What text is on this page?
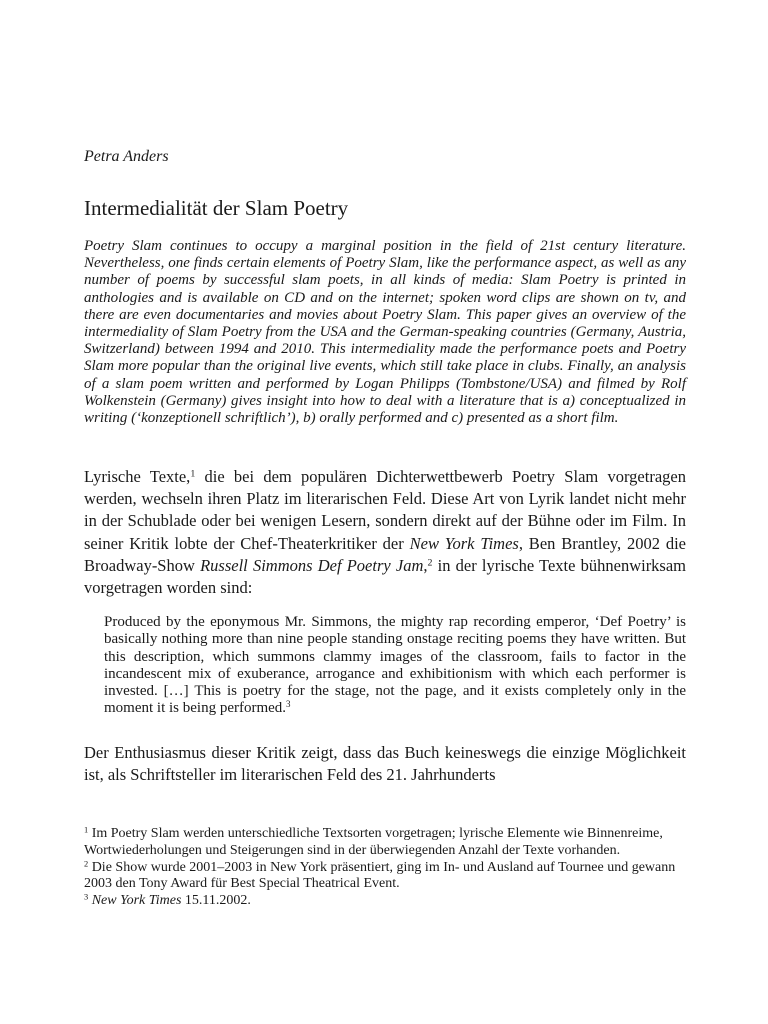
Petra Anders

Intermedialität der Slam Poetry

Poetry Slam continues to occupy a marginal position in the field of 21st century literature. Nevertheless, one finds certain elements of Poetry Slam, like the performance aspect, as well as any number of poems by successful slam poets, in all kinds of media: Slam Poetry is printed in anthologies and is available on CD and on the internet; spoken word clips are shown on tv, and there are even documentaries and movies about Poetry Slam. This paper gives an overview of the intermediality of Slam Poetry from the USA and the German-speaking countries (Germany, Austria, Switzerland) between 1994 and 2010. This intermediality made the performance poets and Poetry Slam more popular than the original live events, which still take place in clubs. Finally, an analysis of a slam poem written and performed by Logan Philipps (Tombstone/USA) and filmed by Rolf Wolkenstein (Germany) gives insight into how to deal with a literature that is a) conceptualized in writing (‘konzeptionell schriftlich’), b) orally performed and c) presented as a short film.

Lyrische Texte,$^1$ die bei dem populären Dichterwettbewerb Poetry Slam vorgetragen werden, wechseln ihren Platz im literarischen Feld. Diese Art von Lyrik landet nicht mehr in der Schublade oder bei wenigen Lesern, sondern direkt auf der Bühne oder im Film. In seiner Kritik lobte der Chef-Theaterkritiker der New York Times, Ben Brantley, 2002 die Broadway-Show Russell Simmons Def Poetry Jam,$^2$ in der lyrische Texte bühnenwirksam vorgetragen worden sind:

Produced by the eponymous Mr. Simmons, the mighty rap recording emperor, ‘Def Poetry’ is basically nothing more than nine people standing onstage reciting poems they have written. But this description, which summons clammy images of the classroom, fails to factor in the incandescent mix of exuberance, arrogance and exhibitionism with which each performer is invested. […] This is poetry for the stage, not the page, and it exists completely only in the moment it is being performed.$^3$

Der Enthusiasmus dieser Kritik zeigt, dass das Buch keineswegs die einzige Möglichkeit ist, als Schriftsteller im literarischen Feld des 21. Jahrhunderts

$^1$ Im Poetry Slam werden unterschiedliche Textsorten vorgetragen; lyrische Elemente wie Binnenreime, Wortwiederholungen und Steigerungen sind in der überwiegenden Anzahl der Texte vorhanden.

$^2$ Die Show wurde 2001–2003 in New York präsentiert, ging im In- und Ausland auf Tournee und gewann 2003 den Tony Award für Best Special Theatrical Event.

$^3$ New York Times 15.11.2002.
